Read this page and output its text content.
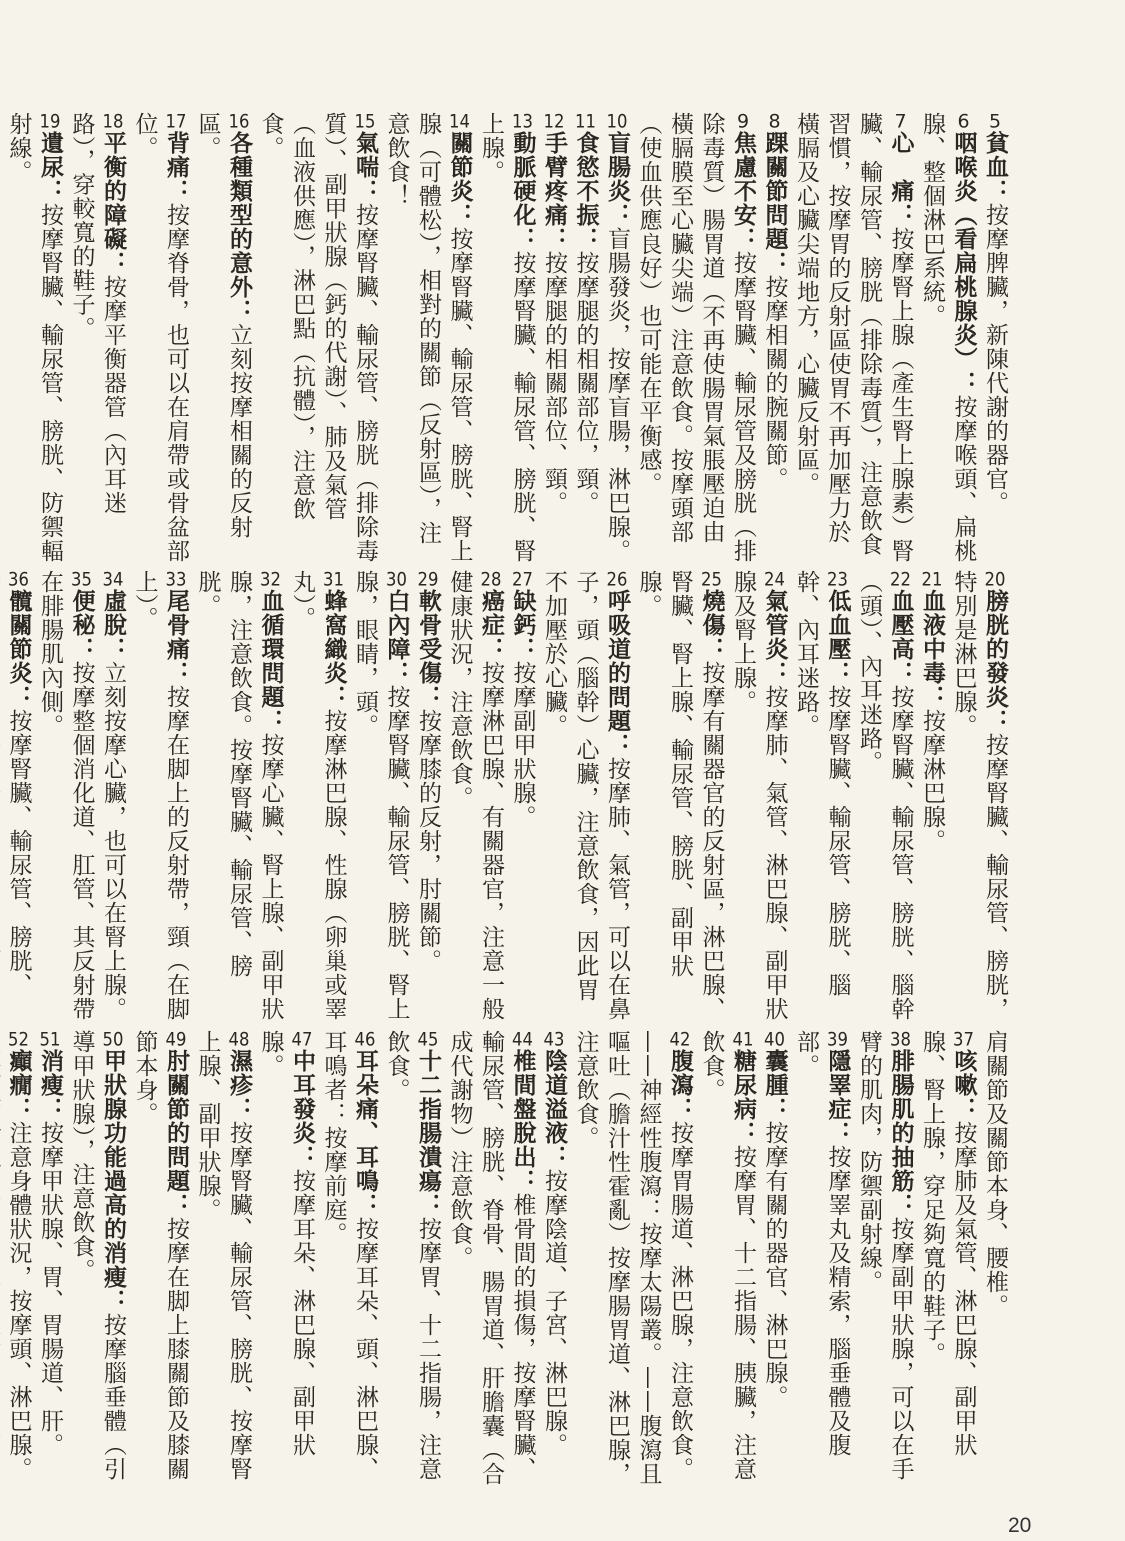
5貧血：按摩脾臟，新陳代謝的器官。
6咽喉炎（看扁桃腺炎）：按摩喉頭、扁桃腺、整個淋巴系統。
7心　痛：按摩腎上腺（產生腎上腺素）腎臟、輸尿管、膀胱（排除毒質），注意飲食習慣，按摩胃的反射區使胃不再加壓力於橫膈及心臟尖端地方，心臟反射區。
8踝關節問題：按摩相關的腕關節。
9焦慮不安：按摩腎臟、輸尿管及膀胱（排除毒質）腸胃道（不再使腸胃氣脹壓迫由橫膈膜至心臟尖端）注意飲食。按摩頭部（使血供應良好）也可能在平衡感。
10盲腸炎：盲腸發炎，按摩盲腸，淋巴腺。
11食慾不振：按摩腿的相關部位，頸。
12手臂疼痛：按摩腿的相關部位、頸。
13動脈硬化：按摩腎臟、輸尿管、膀胱、腎上腺。
14關節炎：按摩腎臟、輸尿管、膀胱、腎上腺（可體松），相對的關節（反射區），注意飲食！
15氣喘：按摩腎臟、輸尿管、膀胱（排除毒質）、副甲狀腺（鈣的代謝）、肺及氣管（血液供應），淋巴點（抗體），注意飲食。
16各種類型的意外：立刻按摩相關的反射區。
17背痛：按摩脊骨，也可以在肩帶或骨盆部位。
18平衡的障礙：按摩平衡器管（內耳迷路），穿較寬的鞋子。
19遺尿：按摩腎臟、輸尿管、膀胱、防禦輻射線。
20膀胱的發炎：按摩腎臟、輸尿管、膀胱，特別是淋巴腺。
21血液中毒：按摩淋巴腺。
22血壓高：按摩腎臟、輸尿管、膀胱、腦幹（頭）、內耳迷路。
23低血壓：按摩腎臟、輸尿管、膀胱、腦幹、內耳迷路。
24氣管炎：按摩肺、氣管、淋巴腺、副甲狀腺及腎上腺。
25燒傷：按摩有關器官的反射區，淋巴腺、腎臟、腎上腺、輸尿管、膀胱、副甲狀腺。
26呼吸道的問題：按摩肺、氣管，可以在鼻子，頭（腦幹）心臟，注意飲食，因此胃不加壓於心臟。
27缺鈣：按摩副甲狀腺。
28癌症：按摩淋巴腺、有關器官，注意一般健康狀況，注意飲食。
29軟骨受傷：按摩膝的反射，肘關節。
30白內障：按摩腎臟、輸尿管、膀胱、腎上腺，眼睛，頭。
31蜂窩織炎：按摩淋巴腺、性腺（卵巢或睪丸）。
32血循環問題：按摩心臟、腎上腺、副甲狀腺，注意飲食。按摩腎臟、輸尿管、膀胱。
33尾骨痛：按摩在脚上的反射帶，頸（在脚上）。
34虛脫：立刻按摩心臟，也可以在腎上腺。
35便秘：按摩整個消化道、肛管、其反射帶在腓腸肌內側。
36髖關節炎：按摩腎臟、輸尿管、膀胱、
肩關節及關節本身、腰椎。
37咳嗽：按摩肺及氣管、淋巴腺、副甲狀腺、腎上腺，穿足夠寬的鞋子。
38腓腸肌的抽筋：按摩副甲狀腺，可以在手臂的肌肉，防禦副射線。
39隱睪症：按摩睪丸及精索，腦垂體及腹部。
40囊腫：按摩有關的器官、淋巴腺。
41糖尿病：按摩胃、十二指腸、胰臟，注意飲食。
42腹瀉：按摩胃腸道、淋巴腺，注意飲食。——神經性腹瀉：按摩太陽叢。——腹瀉且嘔吐（膽汁性霍亂）按摩腸胃道、淋巴腺，注意飲食。
43陰道溢液：按摩陰道、子宮、淋巴腺。
44椎間盤脫出：椎骨間的損傷，按摩腎臟、輸尿管、膀胱、脊骨、腸胃道、肝膽囊（合成代謝物）注意飲食。
45十二指腸潰瘍：按摩胃、十二指腸，注意飲食。
46耳朵痛、耳鳴：按摩耳朵、頭、淋巴腺、耳鳴者：按摩前庭。
47中耳發炎：按摩耳朵、淋巴腺、副甲狀腺。
48濕疹：按摩腎臟、輸尿管、膀胱、按摩腎上腺、副甲狀腺。
49肘關節的問題：按摩在脚上膝關節及膝關節本身。
50甲狀腺功能過高的消瘦：按摩腦垂體（引導甲狀腺），注意飲食。
51消瘦：按摩甲狀腺、胃、胃腸道、肝。
52癲癇：注意身體狀況，按摩頭、淋巴腺。
20
